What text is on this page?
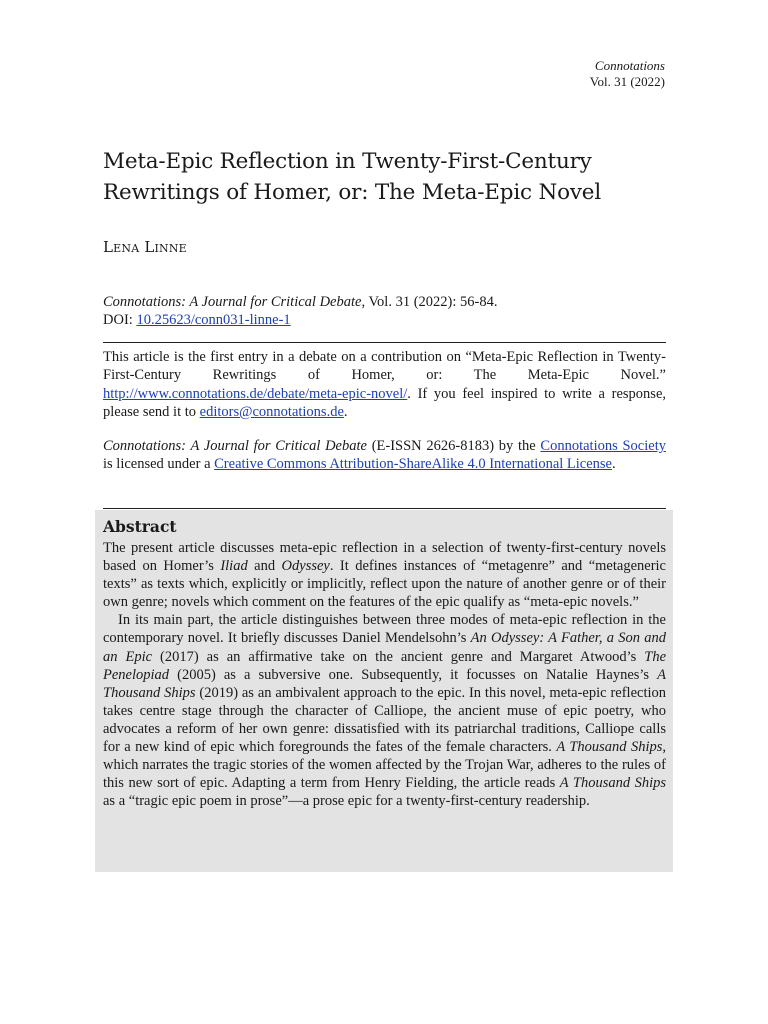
Connotations
Vol. 31 (2022)
Meta-Epic Reflection in Twenty-First-Century
Rewritings of Homer, or: The Meta-Epic Novel
Lena Linne
Connotations: A Journal for Critical Debate, Vol. 31 (2022): 56-84.
DOI: 10.25623/conn031-linne-1

This article is the first entry in a debate on a contribution on “Meta-Epic Reflection in Twenty-First-Century Rewritings of Homer, or: The Meta-Epic Novel.” http://www.connotations.de/debate/meta-epic-novel/. If you feel inspired to write a response, please send it to editors@connotations.de.

Connotations: A Journal for Critical Debate (E-ISSN 2626-8183) by the Connotations Society is licensed under a Creative Commons Attribution-ShareAlike 4.0 International License.

Abstract

The present article discusses meta-epic reflection in a selection of twenty-first-century novels based on Homer’s Iliad and Odyssey. It defines instances of “metagenre” and “metageneric texts” as texts which, explicitly or implicitly, reflect upon the nature of another genre or of their own genre; novels which comment on the features of the epic qualify as “meta-epic novels.”

In its main part, the article distinguishes between three modes of meta-epic reflection in the contemporary novel. It briefly discusses Daniel Mendelsohn’s An Odyssey: A Father, a Son and an Epic (2017) as an affirmative take on the ancient genre and Margaret Atwood’s The Penelopiad (2005) as a subversive one. Subsequently, it focusses on Natalie Haynes’s A Thousand Ships (2019) as an ambivalent approach to the epic. In this novel, meta-epic reflection takes centre stage through the character of Calliope, the ancient muse of epic poetry, who advocates a reform of her own genre: dissatisfied with its patriarchal traditions, Calliope calls for a new kind of epic which foregrounds the fates of the female characters. A Thousand Ships, which narrates the tragic stories of the women affected by the Trojan War, adheres to the rules of this new sort of epic. Adapting a term from Henry Fielding, the article reads A Thousand Ships as a “tragic epic poem in prose”—a prose epic for a twenty-first-century readership.
